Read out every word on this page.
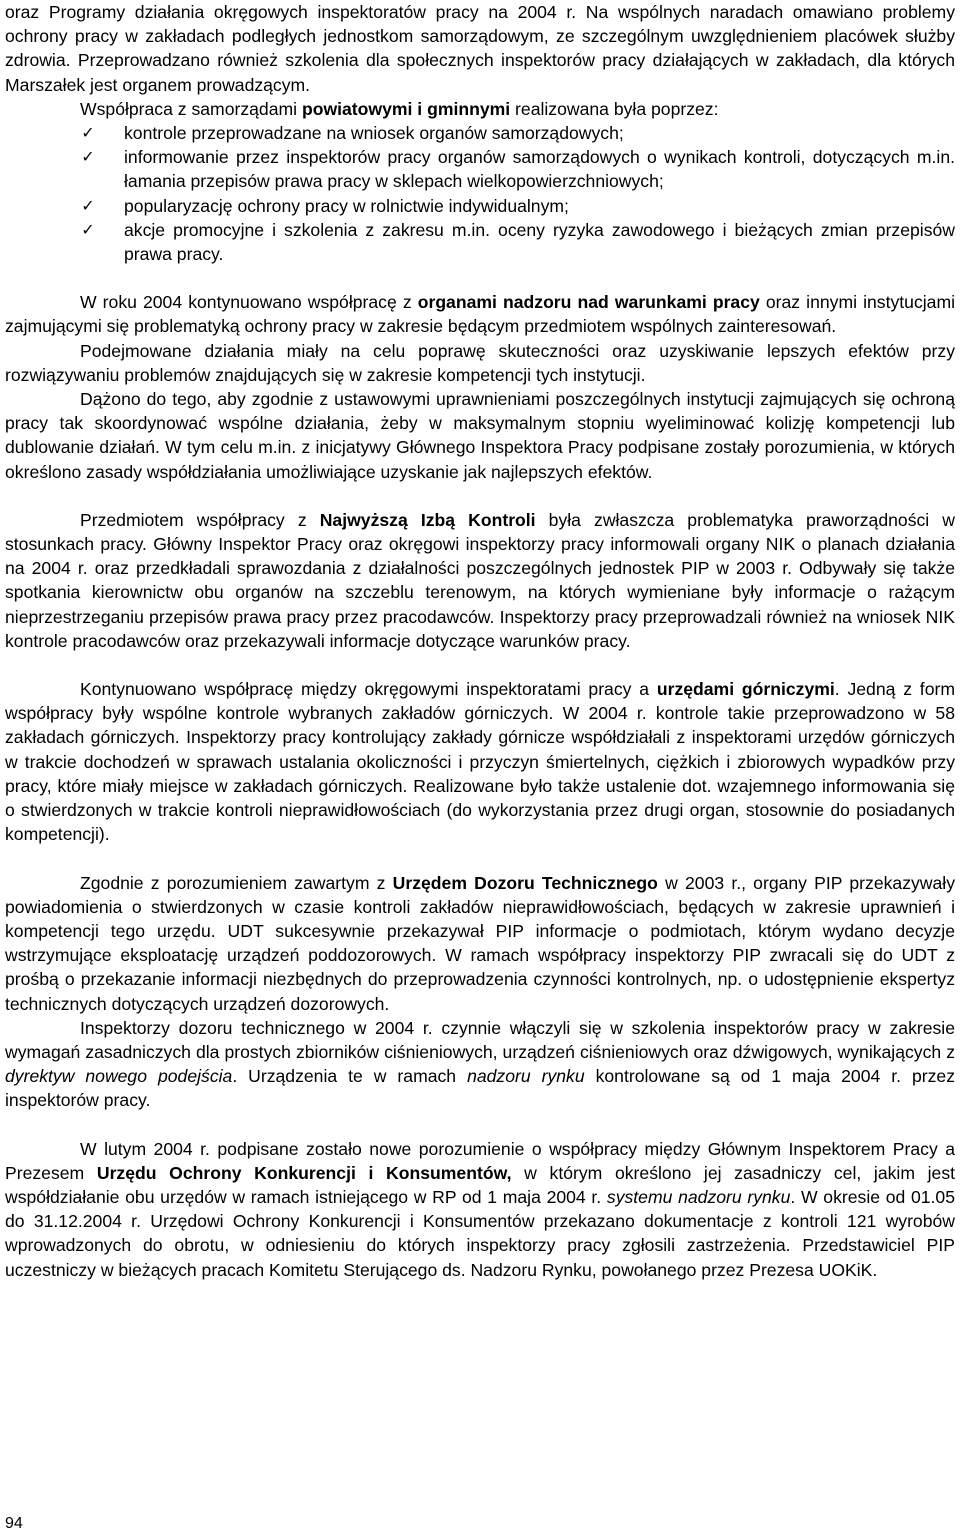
oraz Programy działania okręgowych inspektoratów pracy na 2004 r. Na wspólnych naradach omawiano problemy ochrony pracy w zakładach podległych jednostkom samorządowym, ze szczególnym uwzględnieniem placówek służby zdrowia. Przeprowadzano również szkolenia dla społecznych inspektorów pracy działających w zakładach, dla których Marszałek jest organem prowadzącym.

Współpraca z samorządami powiatowymi i gminnymi realizowana była poprzez:

✓ kontrole przeprowadzane na wniosek organów samorządowych;
✓ informowanie przez inspektorów pracy organów samorządowych o wynikach kontroli, dotyczących m.in. łamania przepisów prawa pracy w sklepach wielkopowierzchniowych;
✓ popularyzację ochrony pracy w rolnictwie indywidualnym;
✓ akcje promocyjne i szkolenia z zakresu m.in. oceny ryzyka zawodowego i bieżących zmian przepisów prawa pracy.

W roku 2004 kontynuowano współpracę z organami nadzoru nad warunkami pracy oraz innymi instytucjami zajmującymi się problematyką ochrony pracy w zakresie będącym przedmiotem wspólnych zainteresowań.

Podejmowane działania miały na celu poprawę skuteczności oraz uzyskiwanie lepszych efektów przy rozwiązywaniu problemów znajdujących się w zakresie kompetencji tych instytucji.

Dążono do tego, aby zgodnie z ustawowymi uprawnieniami poszczególnych instytucji zajmujących się ochroną pracy tak skoordynować wspólne działania, żeby w maksymalnym stopniu wyeliminować kolizję kompetencji lub dublowanie działań. W tym celu m.in. z inicjatywy Głównego Inspektora Pracy podpisane zostały porozumienia, w których określono zasady współdziałania umożliwiające uzyskanie jak najlepszych efektów.

Przedmiotem współpracy z Najwyższą Izbą Kontroli była zwłaszcza problematyka praworządności w stosunkach pracy. Główny Inspektor Pracy oraz okręgowi inspektorzy pracy informowali organy NIK o planach działania na 2004 r. oraz przedkładali sprawozdania z działalności poszczególnych jednostek PIP w 2003 r. Odbywały się także spotkania kierownictw obu organów na szczeblu terenowym, na których wymieniane były informacje o rażącym nieprzestrzeganiu przepisów prawa pracy przez pracodawców. Inspektorzy pracy przeprowadzali również na wniosek NIK kontrole pracodawców oraz przekazywali informacje dotyczące warunków pracy.

Kontynuowano współpracę między okręgowymi inspektoratami pracy a urzędami górniczymi. Jedną z form współpracy były wspólne kontrole wybranych zakładów górniczych. W 2004 r. kontrole takie przeprowadzono w 58 zakładach górniczych. Inspektorzy pracy kontrolujący zakłady górnicze współdziałali z inspektorami urzędów górniczych w trakcie dochodzeń w sprawach ustalania okoliczności i przyczyn śmiertelnych, ciężkich i zbiorowych wypadków przy pracy, które miały miejsce w zakładach górniczych. Realizowane było także ustalenie dot. wzajemnego informowania się o stwierdzonych w trakcie kontroli nieprawidłowościach (do wykorzystania przez drugi organ, stosownie do posiadanych kompetencji).

Zgodnie z porozumieniem zawartym z Urzędem Dozoru Technicznego w 2003 r., organy PIP przekazywały powiadomienia o stwierdzonych w czasie kontroli zakładów nieprawidłowościach, będących w zakresie uprawnień i kompetencji tego urzędu. UDT sukcesywnie przekazywał PIP informacje o podmiotach, którym wydano decyzje wstrzymujące eksploatację urządzeń poddozorowych. W ramach współpracy inspektorzy PIP zwracali się do UDT z prośbą o przekazanie informacji niezbędnych do przeprowadzenia czynności kontrolnych, np. o udostępnienie ekspertyz technicznych dotyczących urządzeń dozorowych.

Inspektorzy dozoru technicznego w 2004 r. czynnie włączyli się w szkolenia inspektorów pracy w zakresie wymagań zasadniczych dla prostych zbiorników ciśnieniowych, urządzeń ciśnieniowych oraz dźwigowych, wynikających z dyrektyw nowego podejścia. Urządzenia te w ramach nadzoru rynku kontrolowane są od 1 maja 2004 r. przez inspektorów pracy.

W lutym 2004 r. podpisane zostało nowe porozumienie o współpracy między Głównym Inspektorem Pracy a Prezesem Urzędu Ochrony Konkurencji i Konsumentów, w którym określono jej zasadniczy cel, jakim jest współdziałanie obu urzędów w ramach istniejącego w RP od 1 maja 2004 r. systemu nadzoru rynku. W okresie od 01.05 do 31.12.2004 r. Urzędowi Ochrony Konkurencji i Konsumentów przekazano dokumentacje z kontroli 121 wyrobów wprowadzonych do obrotu, w odniesieniu do których inspektorzy pracy zgłosili zastrzeżenia. Przedstawiciel PIP uczestniczy w bieżących pracach Komitetu Sterującego ds. Nadzoru Rynku, powołanego przez Prezesa UOKiK.

94
